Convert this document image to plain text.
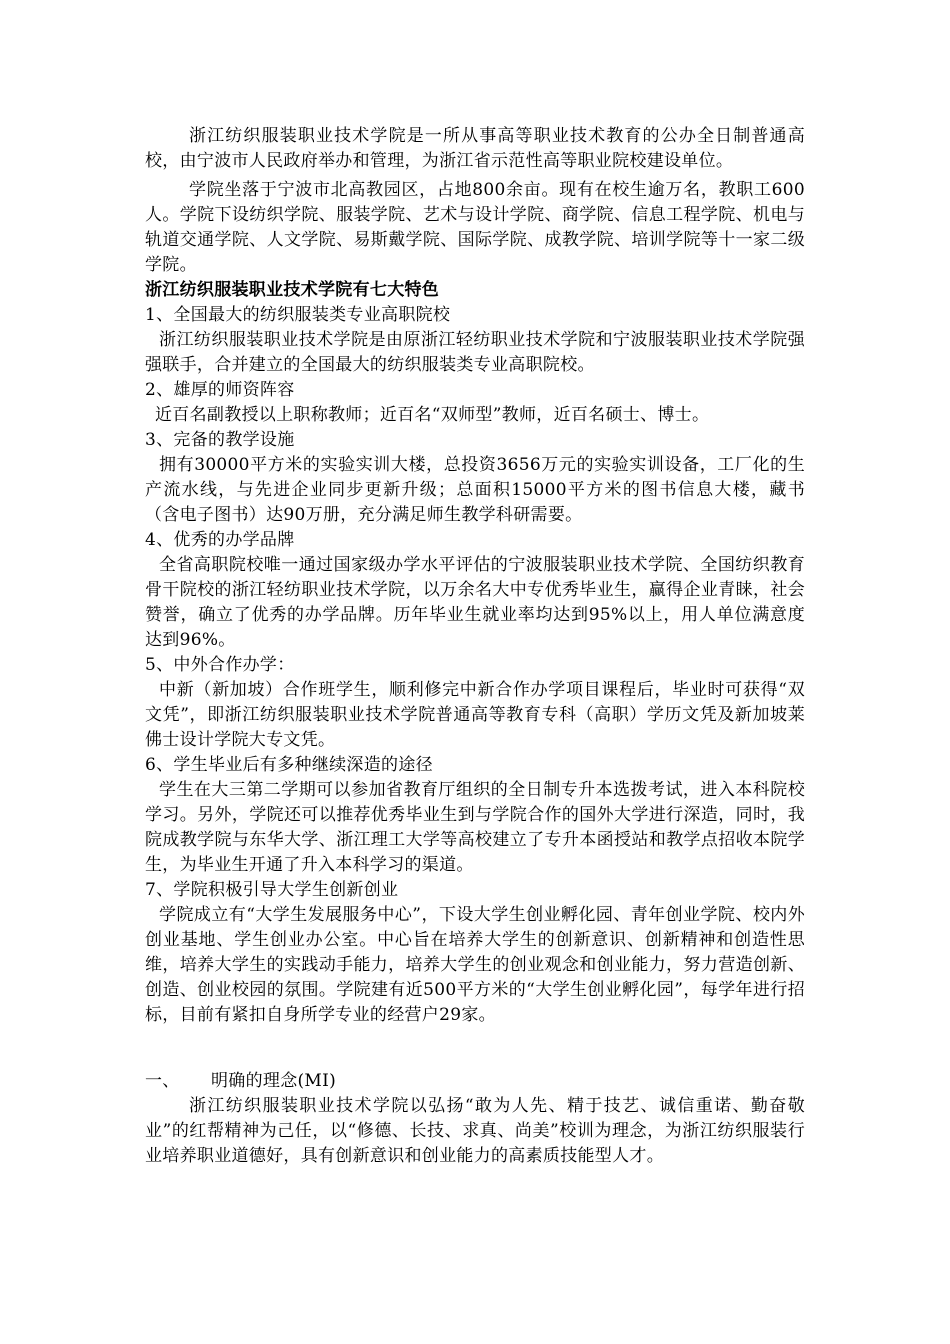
浙江纺织服装职业技术学院是一所从事高等职业技术教育的公办全日制普通高校，由宁波市人民政府举办和管理，为浙江省示范性高等职业院校建设单位。

学院坐落于宁波市北高教园区，占地800余亩。现有在校生逾万名，教职工600人。学院下设纺织学院、服装学院、艺术与设计学院、商学院、信息工程学院、机电与轨道交通学院、人文学院、易斯戴学院、国际学院、成教学院、培训学院等十一家二级学院。

浙江纺织服装职业技术学院有七大特色

1、全国最大的纺织服装类专业高职院校

浙江纺织服装职业技术学院是由原浙江轻纺职业技术学院和宁波服装职业技术学院强强联手，合并建立的全国最大的纺织服装类专业高职院校。

2、雄厚的师资阵容

近百名副教授以上职称教师；近百名“双师型”教师，近百名硕士、博士。

3、完备的教学设施

拥有30000平方米的实验实训大楼，总投资3656万元的实验实训设备，工厂化的生产流水线，与先进企业同步更新升级；总面积15000平方米的图书信息大楼，藏书（含电子图书）达90万册，充分满足师生教学科研需要。

4、优秀的办学品牌

全省高职院校唯一通过国家级办学水平评估的宁波服装职业技术学院、全国纺织教育骨干院校的浙江轻纺职业技术学院，以万余名大中专优秀毕业生，赢得企业青睐，社会赞誉，确立了优秀的办学品牌。历年毕业生就业率均达到95%以上，用人单位满意度达到96%。

5、中外合作办学：

中新（新加坡）合作班学生，顺利修完中新合作办学项目课程后，毕业时可获得“双文凭”，即浙江纺织服装职业技术学院普通高等教育专科（高职）学历文凭及新加坡莱佛士设计学院大专文凭。

6、学生毕业后有多种继续深造的途径

学生在大三第二学期可以参加省教育厅组织的全日制专升本选拨考试，进入本科院校学习。另外，学院还可以推荐优秀毕业生到与学院合作的国外大学进行深造，同时，我院成教学院与东华大学、浙江理工大学等高校建立了专升本函授站和教学点招收本院学生，为毕业生开通了升入本科学习的渠道。

7、学院积极引导大学生创新创业

学院成立有“大学生发展服务中心”，下设大学生创业孵化园、青年创业学院、校内外创业基地、学生创业办公室。中心旨在培养大学生的创新意识、创新精神和创造性思维，培养大学生的实践动手能力，培养大学生的创业观念和创业能力，努力营造创新、创造、创业校园的氛围。学院建有近500平方米的“大学生创业孵化园”，每学年进行招标，目前有紧扣自身所学专业的经营户29家。

一、	明确的理念(MI)

浙江纺织服装职业技术学院以弘扬“敢为人先、精于技艺、诚信重诺、勤奋敬业”的红帮精神为己任，以“修德、长技、求真、尚美”校训为理念，为浙江纺织服装行业培养职业道德好，具有创新意识和创业能力的高素质技能型人才。
